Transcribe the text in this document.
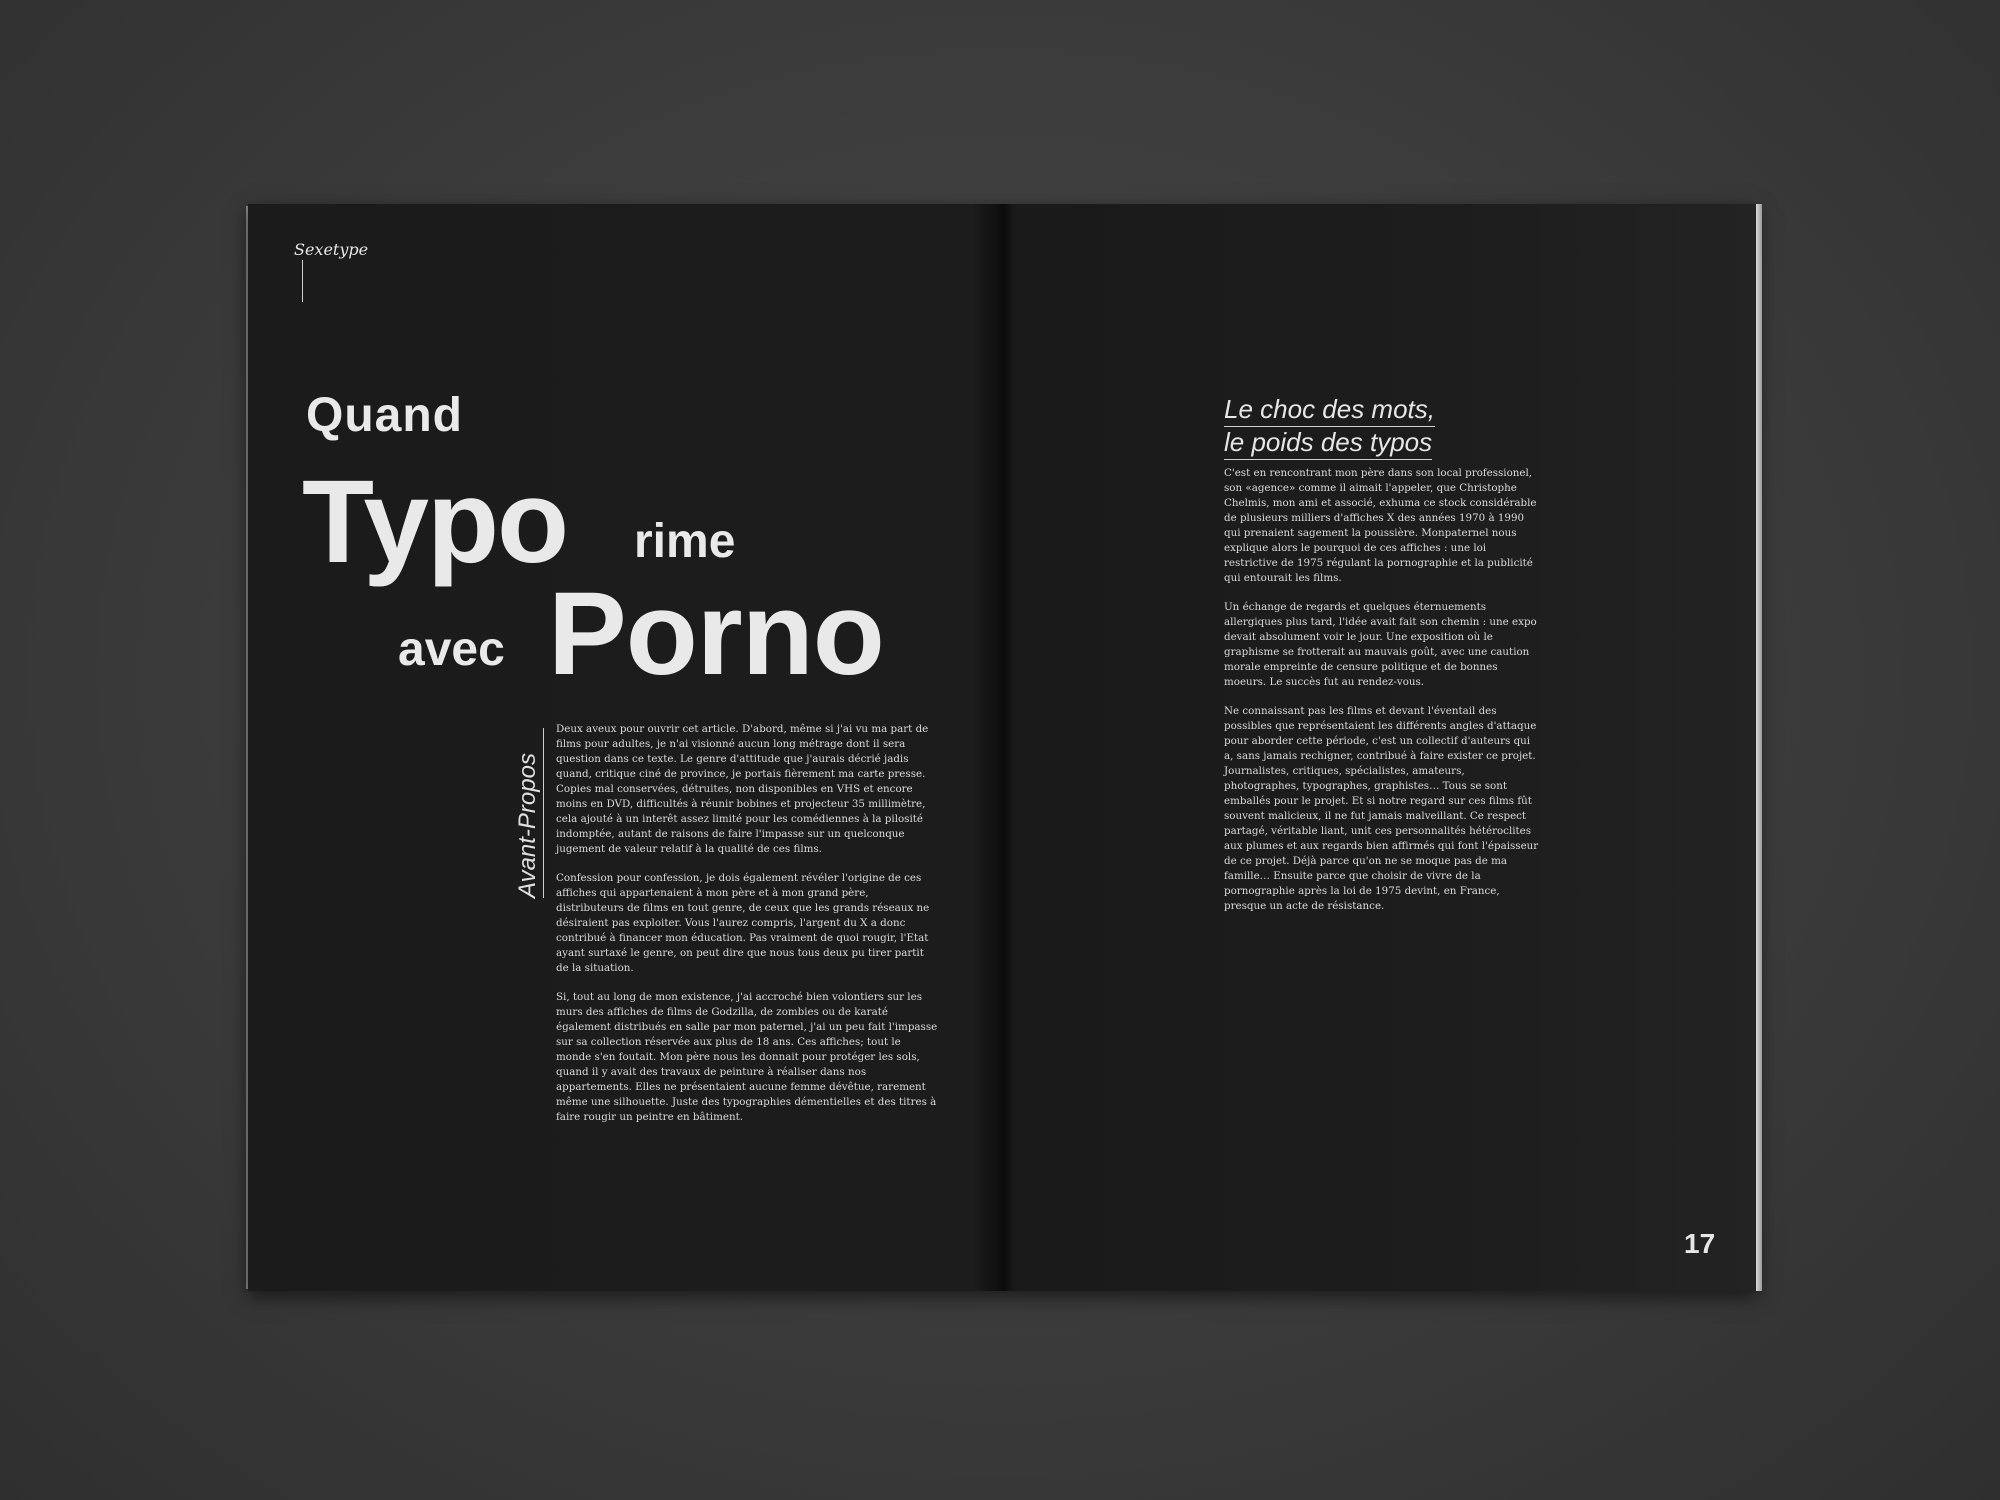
Sexetype
Quand
Typo rime
avec Porno
Avant-Propos

Deux aveux pour ouvrir cet article. D'abord, même si j'ai vu ma part de films pour adultes, je n'ai visionné aucun long métrage dont il sera question dans ce texte. Le genre d'attitude que j'aurais décrié jadis quand, critique ciné de province, je portais fièrement ma carte presse. Copies mal conservées, détruites, non disponibles en VHS et encore moins en DVD, difficultés à réunir bobines et projecteur 35 millimètre, cela ajouté à un interêt assez limité pour les comédiennes à la pilosité indomptée, autant de raisons de faire l'impasse sur un quelconque jugement de valeur relatif à la qualité de ces films.

Confession pour confession, je dois également révéler l'origine de ces affiches qui appartenaient à mon père et à mon grand père, distributeurs de films en tout genre, de ceux que les grands réseaux ne désiraient pas exploiter. Vous l'aurez compris, l'argent du X a donc contribué à financer mon éducation. Pas vraiment de quoi rougir, l'Etat ayant surtaxé le genre, on peut dire que nous tous deux pu tirer partit de la situation.

Si, tout au long de mon existence, j'ai accroché bien volontiers sur les murs des affiches de films de Godzilla, de zombies ou de karaté également distribués en salle par mon paternel, j'ai un peu fait l'impasse sur sa collection réservée aux plus de 18 ans. Ces affiches; tout le monde s'en foutait. Mon père nous les donnait pour protéger les sols, quand il y avait des travaux de peinture à réaliser dans nos appartements. Elles ne présentaient aucune femme dévêtue, rarement même une silhouette. Juste des typographies démentielles et des titres à faire rougir un peintre en bâtiment.

Le choc des mots,
le poids des typos

C'est en rencontrant mon père dans son local professionel, son «agence» comme il aimait l'appeler, que Christophe Chelmis, mon ami et associé, exhuma ce stock considérable de plusieurs milliers d'affiches X des années 1970 à 1990 qui prenaient sagement la poussière. Monpaternel nous explique alors le pourquoi de ces affiches : une loi restrictive de 1975 régulant la pornographie et la publicité qui entourait les films.

Un échange de regards et quelques éternuements allergiques plus tard, l'idée avait fait son chemin : une expo devait absolument voir le jour. Une exposition où le graphisme se frotterait au mauvais goût, avec une caution morale empreinte de censure politique et de bonnes moeurs. Le succès fut au rendez-vous.

Ne connaissant pas les films et devant l'éventail des possibles que représentaient les différents angles d'attaque pour aborder cette période, c'est un collectif d'auteurs qui a, sans jamais rechigner, contribué à faire exister ce projet. Journalistes, critiques, spécialistes, amateurs, photographes, typographes, graphistes… Tous se sont emballés pour le projet. Et si notre regard sur ces films fût souvent malicieux, il ne fut jamais malveillant. Ce respect partagé, véritable liant, unit ces personnalités hétéroclites aux plumes et aux regards bien affirmés qui font l'épaisseur de ce projet. Déjà parce qu'on ne se moque pas de ma famille… Ensuite parce que choisir de vivre de la pornographie après la loi de 1975 devint, en France, presque un acte de résistance.

17
